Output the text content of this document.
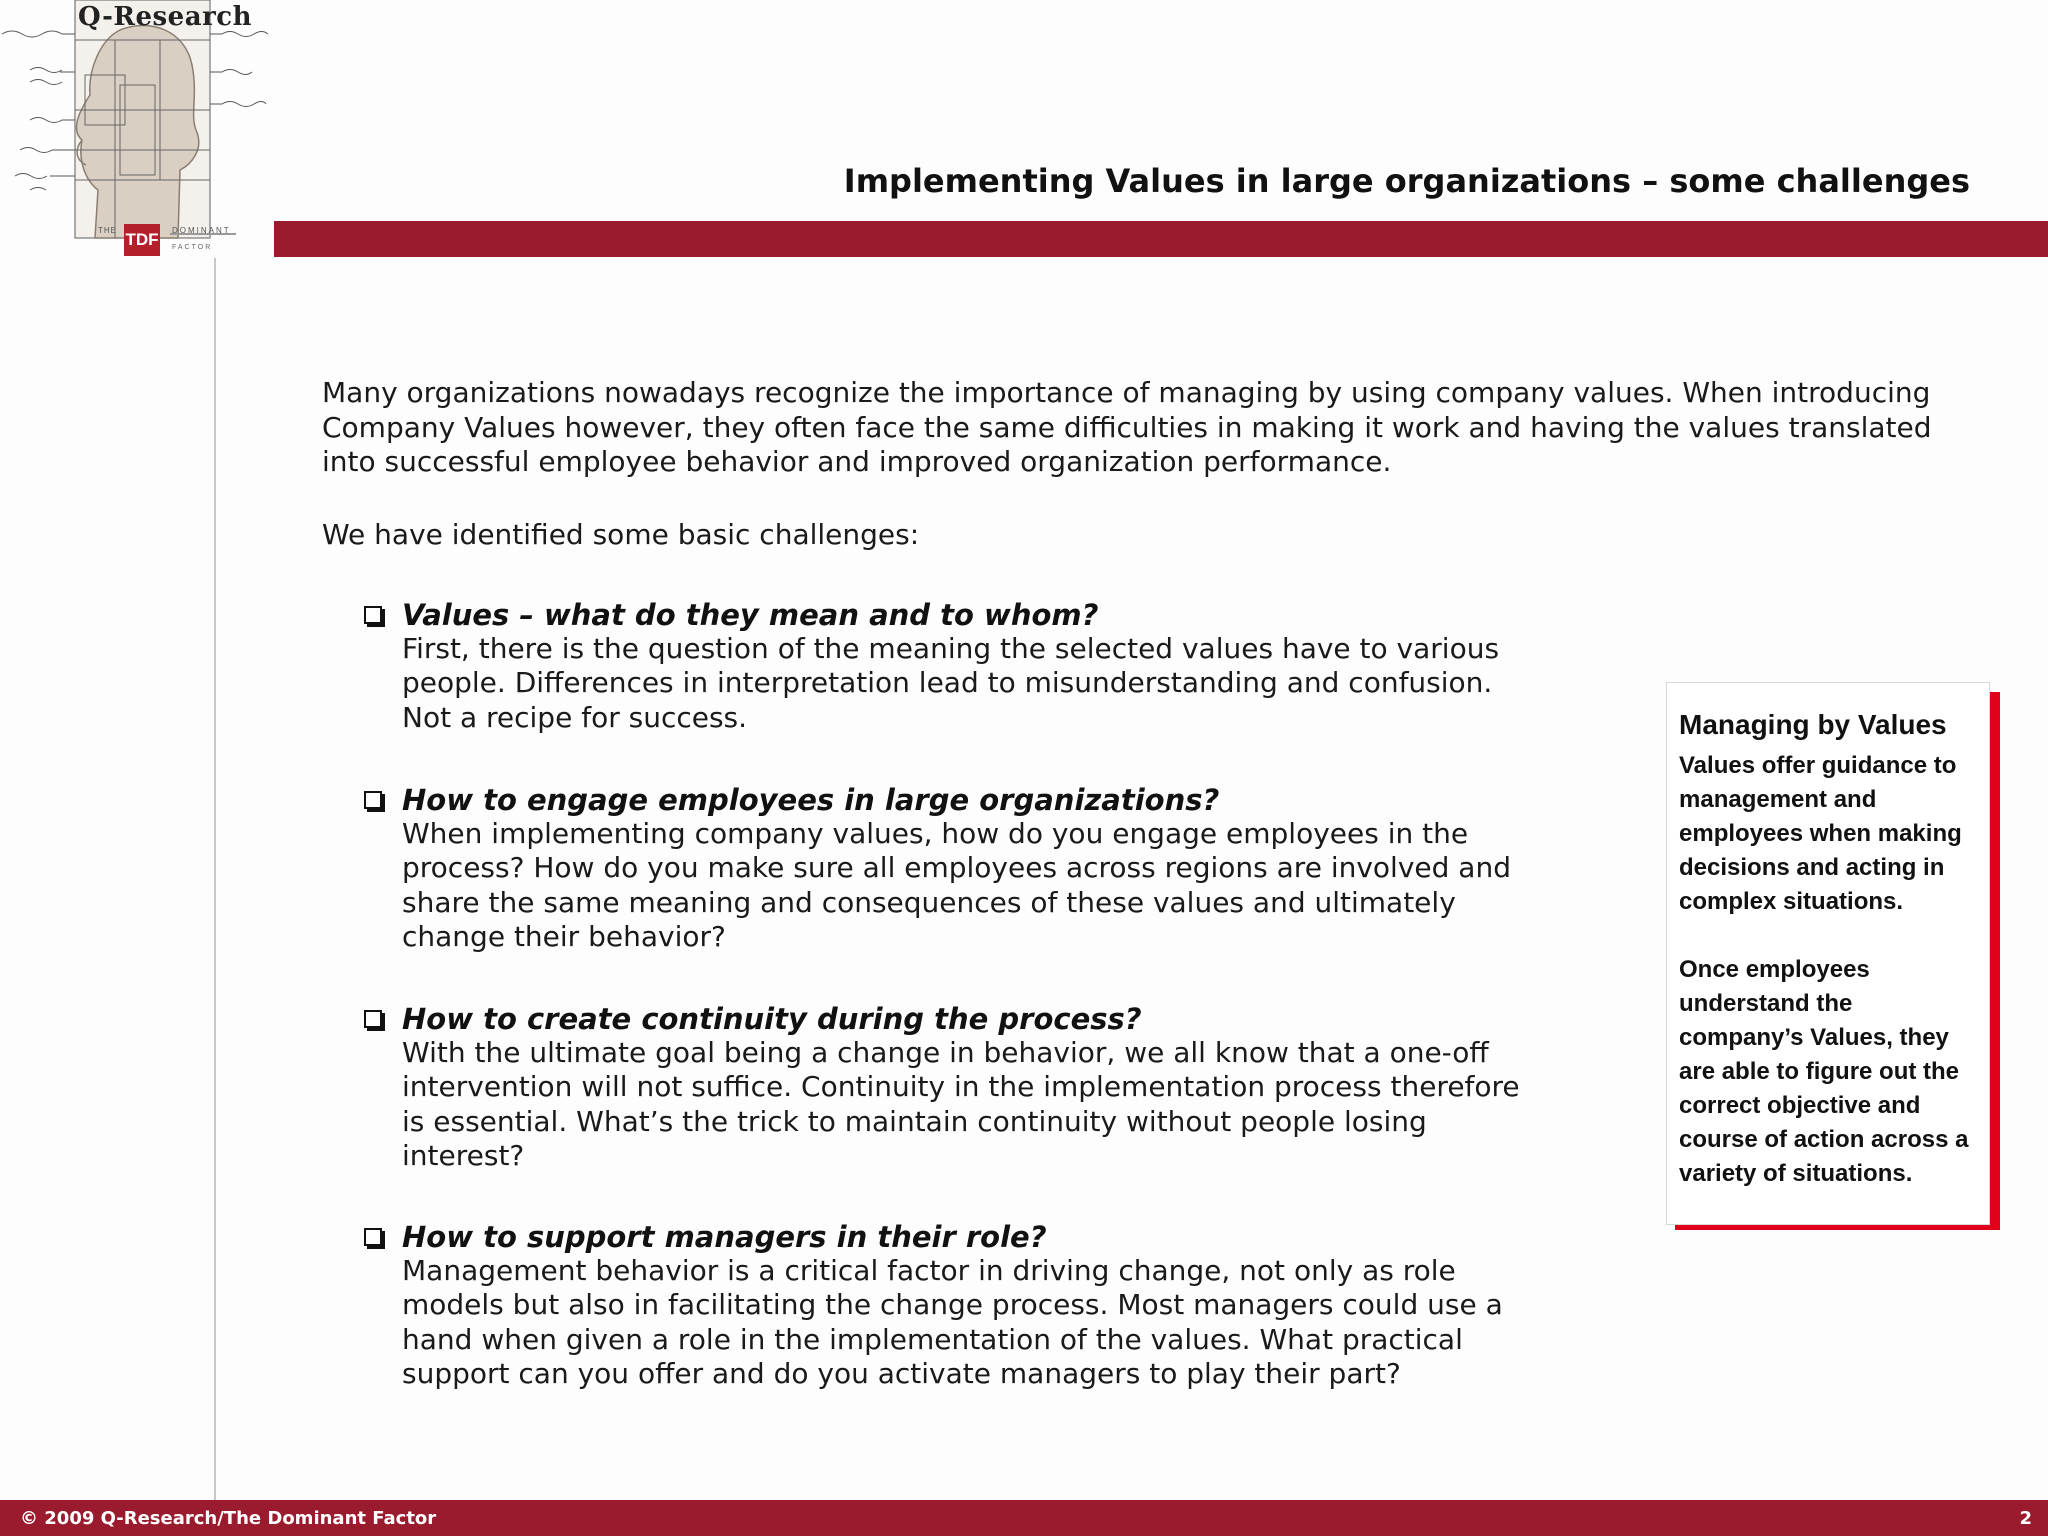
Q-Research
THE TDF DOMINANT
FACTOR
Implementing Values in large organizations – some challenges

Many organizations nowadays recognize the importance of managing by using company values. When introducing Company Values however, they often face the same difficulties in making it work and having the values translated into successful employee behavior and improved organization performance.

We have identified some basic challenges:

Values – what do they mean and to whom?

First, there is the question of the meaning the selected values have to various people. Differences in interpretation lead to misunderstanding and confusion. Not a recipe for success.

How to engage employees in large organizations?

When implementing company values, how do you engage employees in the process? How do you make sure all employees across regions are involved and share the same meaning and consequences of these values and ultimately change their behavior?

How to create continuity during the process?

With the ultimate goal being a change in behavior, we all know that a one-off intervention will not suffice. Continuity in the implementation process therefore is essential. What’s the trick to maintain continuity without people losing interest?

How to support managers in their role?

Management behavior is a critical factor in driving change, not only as role models but also in facilitating the change process. Most managers could use a hand when given a role in the implementation of the values. What practical support can you offer and do you activate managers to play their part?

Managing by Values

Values offer guidance to management and employees when making decisions and acting in complex situations.

Once employees understand the company’s Values, they are able to figure out the correct objective and course of action across a variety of situations.

© 2009 Q-Research/The Dominant Factor	2
